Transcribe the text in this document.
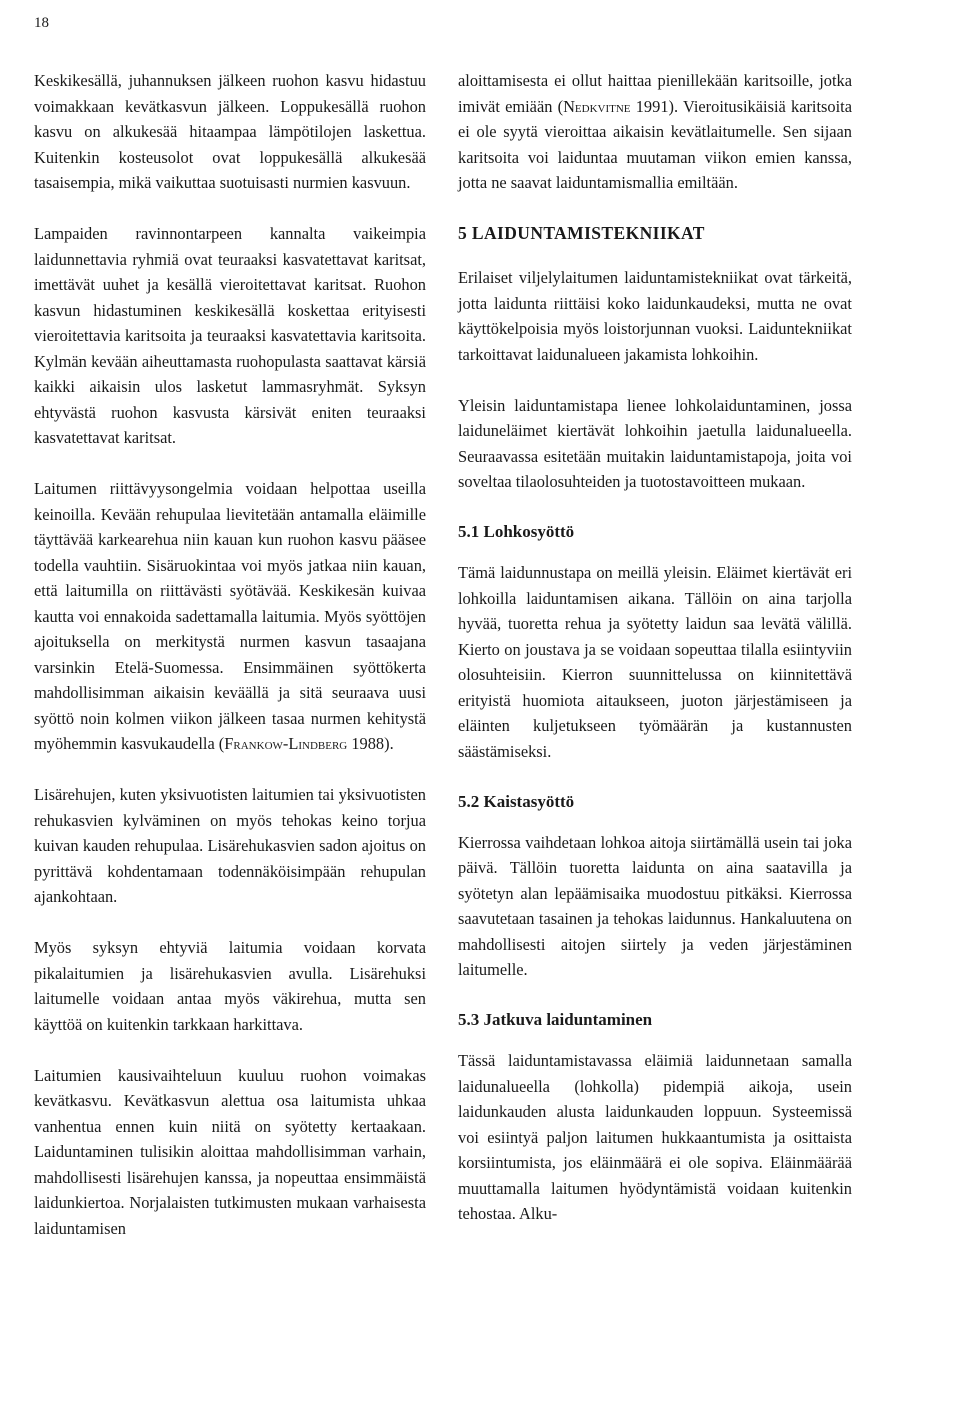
18

Keskikesällä, juhannuksen jälkeen ruohon kasvu hidastuu voimakkaan kevätkasvun jälkeen. Loppukesällä ruohon kasvu on alkukesää hitaampaa lämpötilojen laskettua. Kuitenkin kosteusolot ovat loppukesällä alkukesää tasaisempia, mikä vaikuttaa suotuisasti nurmien kasvuun.

Lampaiden ravinnontarpeen kannalta vaikeimpia laidunnettavia ryhmiä ovat teuraaksi kasvatettavat karitsat, imettävät uuhet ja kesällä vieroitettavat karitsat. Ruohon kasvun hidastuminen keskikesällä koskettaa erityisesti vieroitettavia karitsoita ja teuraaksi kasvatettavia karitsoita. Kylmän kevään aiheuttamasta ruohopulasta saattavat kärsiä kaikki aikaisin ulos lasketut lammasryhmät. Syksyn ehtyvästä ruohon kasvusta kärsivät eniten teuraaksi kasvatettavat karitsat.

Laitumen riittävyysongelmia voidaan helpottaa useilla keinoilla. Kevään rehupulaa lievitetään antamalla eläimille täyttävää karkearehua niin kauan kun ruohon kasvu pääsee todella vauhtiin. Sisäruokintaa voi myös jatkaa niin kauan, että laitumilla on riittävästi syötävää. Keskikesän kuivaa kautta voi ennakoida sadettamalla laitumia. Myös syöttöjen ajoituksella on merkitystä nurmen kasvun tasaajana varsinkin Etelä-Suomessa. Ensimmäinen syöttökerta mahdollisimman aikaisin keväällä ja sitä seuraava uusi syöttö noin kolmen viikon jälkeen tasaa nurmen kehitystä myöhemmin kasvukaudella (Frankow-Lindberg 1988).

Lisärehujen, kuten yksivuotisten laitumien tai yksivuotisten rehukasvien kylväminen on myös tehokas keino torjua kuivan kauden rehupulaa. Lisärehukasvien sadon ajoitus on pyrittävä kohdentamaan todennäköisimpään rehupulan ajankohtaan.

Myös syksyn ehtyviä laitumia voidaan korvata pikalaitumien ja lisärehukasvien avulla. Lisärehuksi laitumelle voidaan antaa myös väkirehua, mutta sen käyttöä on kuitenkin tarkkaan harkittava.

Laitumien kausivaihteluun kuuluu ruohon voimakas kevätkasvu. Kevätkasvun alettua osa laitumista uhkaa vanhentua ennen kuin niitä on syötetty kertaakaan. Laiduntaminen tulisikin aloittaa mahdollisimman varhain, mahdollisesti lisärehujen kanssa, ja nopeuttaa ensimmäistä laidunkiertoa. Norjalaisten tutkimusten mukaan varhaisesta laiduntamisen

aloittamisesta ei ollut haittaa pienillekään karitsoille, jotka imivät emiään (Nedkvitne 1991). Vieroitusikäisiä karitsoita ei ole syytä vieroittaa aikaisin kevätlaitumelle. Sen sijaan karitsoita voi laiduntaa muutaman viikon emien kanssa, jotta ne saavat laiduntamismallia emiltään.

5 LAIDUNTAMISTEKNIIKAT

Erilaiset viljelylaitumen laiduntamistekniikat ovat tärkeitä, jotta laidunta riittäisi koko laidunkaudeksi, mutta ne ovat käyttökelpoisia myös loistorjunnan vuoksi. Laiduntekniikat tarkoittavat laidunalueen jakamista lohkoihin.

Yleisin laiduntamistapa lienee lohkolaiduntaminen, jossa laiduneläimet kiertävät lohkoihin jaetulla laidunalueella. Seuraavassa esitetään muitakin laiduntamistapoja, joita voi soveltaa tilaolosuhteiden ja tuotostavoitteen mukaan.

5.1 Lohkosyöttö

Tämä laidunnustapa on meillä yleisin. Eläimet kiertävät eri lohkoilla laiduntamisen aikana. Tällöin on aina tarjolla hyvää, tuoretta rehua ja syötetty laidun saa levätä välillä. Kierto on joustava ja se voidaan sopeuttaa tilalla esiintyviin olosuhteisiin. Kierron suunnittelussa on kiinnitettävä erityistä huomiota aitaukseen, juoton järjestämiseen ja eläinten kuljetukseen työmäärän ja kustannusten säästämiseksi.

5.2 Kaistasyöttö

Kierrossa vaihdetaan lohkoa aitoja siirtämällä usein tai joka päivä. Tällöin tuoretta laidunta on aina saatavilla ja syötetyn alan lepäämisaika muodostuu pitkäksi. Kierrossa saavutetaan tasainen ja tehokas laidunnus. Hankaluutena on mahdollisesti aitojen siirtely ja veden järjestäminen laitumelle.

5.3 Jatkuva laiduntaminen

Tässä laiduntamistavassa eläimiä laidunnetaan samalla laidunalueella (lohkolla) pidempiä aikoja, usein laidunkauden alusta laidunkauden loppuun. Systeemissä voi esiintyä paljon laitumen hukkaantumista ja osittaista korsiintumista, jos eläinmäärä ei ole sopiva. Eläinmäärää muuttamalla laitumen hyödyntämistä voidaan kuitenkin tehostaa. Alku-
